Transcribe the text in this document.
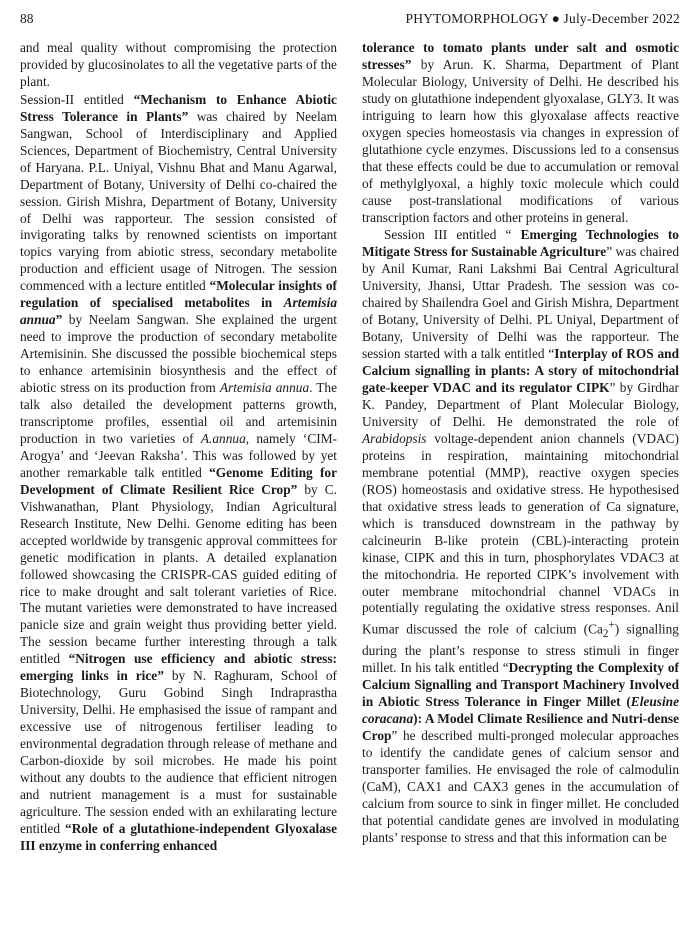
88	PHYTOMORPHOLOGY ● July-December 2022

and meal quality without compromising the protection provided by glucosinolates to all the vegetative parts of the plant.

Session-II entitled “Mechanism to Enhance Abiotic Stress Tolerance in Plants” was chaired by Neelam Sangwan, School of Interdisciplinary and Applied Sciences, Department of Biochemistry, Central University of Haryana. P.L. Uniyal, Vishnu Bhat and Manu Agarwal, Department of Botany, University of Delhi co-chaired the session. Girish Mishra, Department of Botany, University of Delhi was rapporteur. The session consisted of invigorating talks by renowned scientists on important topics varying from abiotic stress, secondary metabolite production and efficient usage of Nitrogen. The session commenced with a lecture entitled “Molecular insights of regulation of specialised metabolites in Artemisia annua” by Neelam Sangwan. She explained the urgent need to improve the production of secondary metabolite Artemisinin. She discussed the possible biochemical steps to enhance artemisinin biosynthesis and the effect of abiotic stress on its production from Artemisia annua. The talk also detailed the development patterns growth, transcriptome profiles, essential oil and artemisinin production in two varieties of A.annua, namely ‘CIM-Arogya’ and ‘Jeevan Raksha’. This was followed by yet another remarkable talk entitled “Genome Editing for Development of Climate Resilient Rice Crop” by C. Vishwanathan, Plant Physiology, Indian Agricultural Research Institute, New Delhi. Genome editing has been accepted worldwide by transgenic approval committees for genetic modification in plants. A detailed explanation followed showcasing the CRISPR-CAS guided editing of rice to make drought and salt tolerant varieties of Rice. The mutant varieties were demonstrated to have increased panicle size and grain weight thus providing better yield. The session became further interesting through a talk entitled “Nitrogen use efficiency and abiotic stress: emerging links in rice” by N. Raghuram, School of Biotechnology, Guru Gobind Singh Indraprastha University, Delhi. He emphasised the issue of rampant and excessive use of nitrogenous fertiliser leading to environmental degradation through release of methane and Carbon-dioxide by soil microbes. He made his point without any doubts to the audience that efficient nitrogen and nutrient management is a must for sustainable agriculture. The session ended with an exhilarating lecture entitled “Role of a glutathione-independent Glyoxalase III enzyme in conferring enhanced

tolerance to tomato plants under salt and osmotic stresses” by Arun. K. Sharma, Department of Plant Molecular Biology, University of Delhi. He described his study on glutathione independent glyoxalase, GLY3. It was intriguing to learn how this glyoxalase affects reactive oxygen species homeostasis via changes in expression of glutathione cycle enzymes. Discussions led to a consensus that these effects could be due to accumulation or removal of methylglyoxal, a highly toxic molecule which could cause post-translational modifications of various transcription factors and other proteins in general.

Session III entitled “ Emerging Technologies to Mitigate Stress for Sustainable Agriculture” was chaired by Anil Kumar, Rani Lakshmi Bai Central Agricultural University, Jhansi, Uttar Pradesh. The session was co-chaired by Shailendra Goel and Girish Mishra, Department of Botany, University of Delhi. PL Uniyal, Department of Botany, University of Delhi was the rapporteur. The session started with a talk entitled “Interplay of ROS and Calcium signalling in plants: A story of mitochondrial gate-keeper VDAC and its regulator CIPK” by Girdhar K. Pandey, Department of Plant Molecular Biology, University of Delhi. He demonstrated the role of Arabidopsis voltage-dependent anion channels (VDAC) proteins in respiration, maintaining mitochondrial membrane potential (MMP), reactive oxygen species (ROS) homeostasis and oxidative stress. He hypothesised that oxidative stress leads to generation of Ca signature, which is transduced downstream in the pathway by calcineurin B-like protein (CBL)-interacting protein kinase, CIPK and this in turn, phosphorylates VDAC3 at the mitochondria. He reported CIPK’s involvement with outer membrane mitochondrial channel VDACs in potentially regulating the oxidative stress responses. Anil Kumar discussed the role of calcium $(Ca_2^+)$ signalling during the plant’s response to stress stimuli in finger millet. In his talk entitled “Decrypting the Complexity of Calcium Signalling and Transport Machinery Involved in Abiotic Stress Tolerance in Finger Millet (Eleusine coracana): A Model Climate Resilience and Nutri-dense Crop” he described multi-pronged molecular approaches to identify the candidate genes of calcium sensor and transporter families. He envisaged the role of calmodulin (CaM), CAX1 and CAX3 genes in the accumulation of calcium from source to sink in finger millet. He concluded that potential candidate genes are involved in modulating plants’ response to stress and that this information can be
